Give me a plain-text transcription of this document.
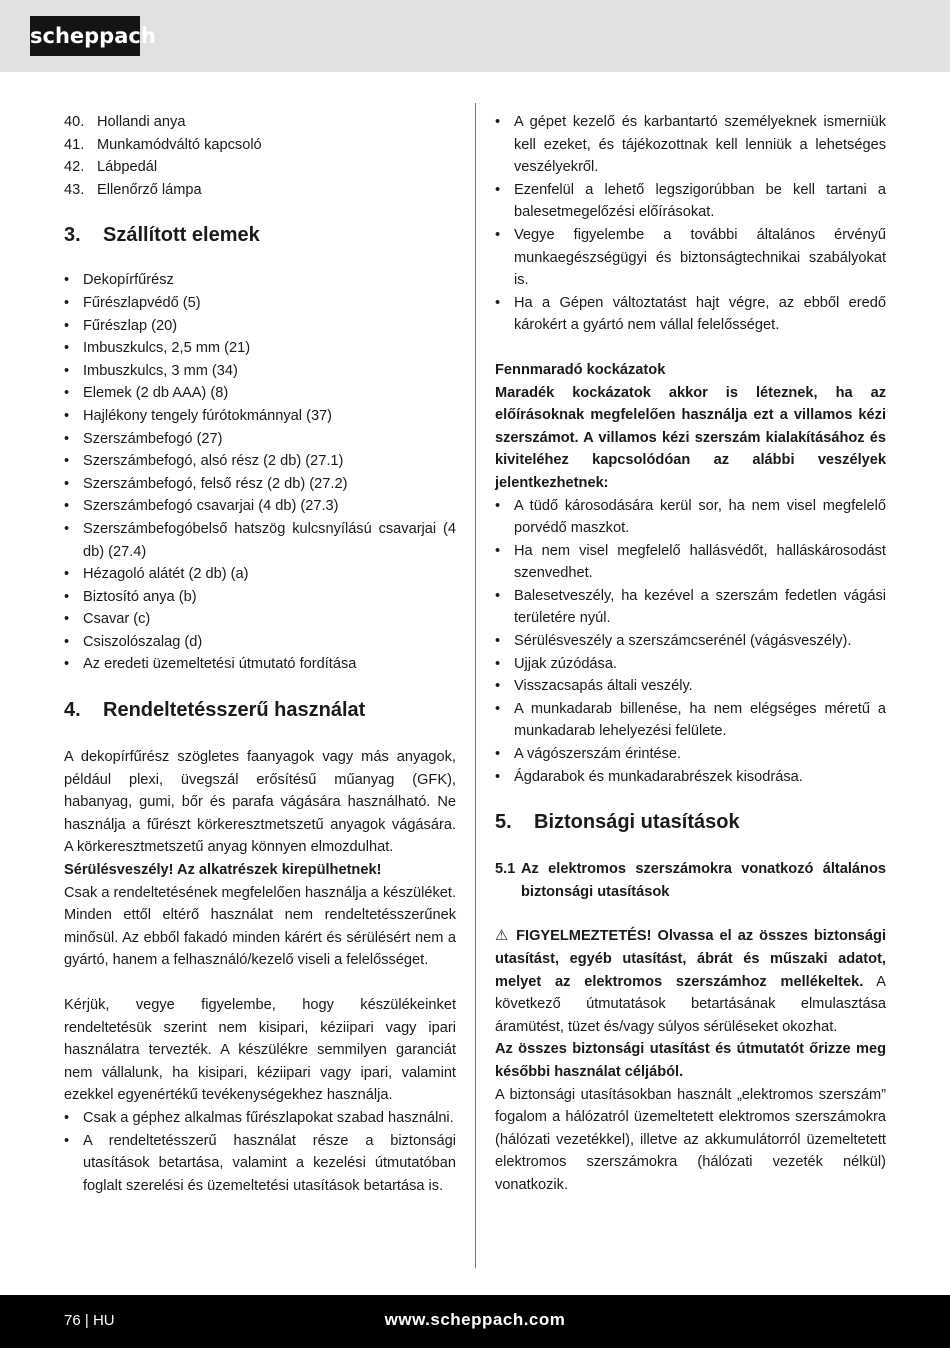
scheppach
40. Hollandi anya
41. Munkamódváltó kapcsoló
42. Lábpedál
43. Ellenőrző lámpa
3.	Szállított elemek
• Dekopírfűrész
• Fűrészlapvédő (5)
• Fűrészlap (20)
• Imbuszkulcs, 2,5 mm (21)
• Imbuszkulcs, 3 mm (34)
• Elemek (2 db AAA) (8)
• Hajlékony tengely fúrótokmánnyal (37)
• Szerszámbefogó (27)
• Szerszámbefogó, alsó rész (2 db) (27.1)
• Szerszámbefogó, felső rész (2 db) (27.2)
• Szerszámbefogó csavarjai (4 db) (27.3)
• Szerszámbefogóbelső hatszög kulcsnyílású csavarjai (4 db) (27.4)
• Hézagoló alátét (2 db) (a)
• Biztosító anya (b)
• Csavar (c)
• Csiszolószalag (d)
• Az eredeti üzemeltetési útmutató fordítása
4.	Rendeltetésszerű használat

A dekopírfűrész szögletes faanyagok vagy más anyagok, például plexi, üvegszál erősítésű műanyag (GFK), habanyag, gumi, bőr és parafa vágására használható. Ne használja a fűrészt körkeresztmetszetű anyagok vágására. A körkeresztmetszetű anyag könnyen elmozdulhat.

Sérülésveszély! Az alkatrészek kirepülhetnek!

Csak a rendeltetésének megfelelően használja a készüléket. Minden ettől eltérő használat nem rendeltetésszerűnek minősül. Az ebből fakadó minden kárért és sérülésért nem a gyártó, hanem a felhasználó/kezelő viseli a felelősséget.

Kérjük, vegye figyelembe, hogy készülékeinket rendeltetésük szerint nem kisipari, kéziipari vagy ipari használatra tervezték. A készülékre semmilyen garanciát nem vállalunk, ha kisipari, kéziipari vagy ipari, valamint ezekkel egyenértékű tevékenységekhez használja.

• Csak a géphez alkalmas fűrészlapokat szabad használni.
• A rendeltetésszerű használat része a biztonsági utasítások betartása, valamint a kezelési útmutatóban foglalt szerelési és üzemeltetési utasítások betartása is.
• A gépet kezelő és karbantartó személyeknek ismerniük kell ezeket, és tájékozottnak kell lenniük a lehetséges veszélyekről.
• Ezenfelül a lehető legszigorúbban be kell tartani a balesetmegelőzési előírásokat.
• Vegye figyelembe a további általános érvényű munkaegészségügyi és biztonságtechnikai szabályokat is.
• Ha a Gépen változtatást hajt végre, az ebből eredő károkért a gyártó nem vállal felelősséget.

Fennmaradó kockázatok

Maradék kockázatok akkor is léteznek, ha az előírásoknak megfelelően használja ezt a villamos kézi szerszámot. A villamos kézi szerszám kialakításához és kiviteléhez kapcsolódóan az alábbi veszélyek jelentkezhetnek:

• A tüdő károsodására kerül sor, ha nem visel megfelelő porvédő maszkot.
• Ha nem visel megfelelő hallásvédőt, halláskárosodást szenvedhet.
• Balesetveszély, ha kezével a szerszám fedetlen vágási területére nyúl.
• Sérülésveszély a szerszámcserénél (vágásveszély).
• Ujjak zúzódása.
• Visszacsapás általi veszély.
• A munkadarab billenése, ha nem elégséges méretű a munkadarab lehelyezési felülete.
• A vágószerszám érintése.
• Ágdarabok és munkadarabrészek kisodrása.
5.	Biztonsági utasítások
5.1 Az elektromos szerszámokra vonatkozó általános biztonsági utasítások

⚠ FIGYELMEZTETÉS! Olvassa el az összes biztonsági utasítást, egyéb utasítást, ábrát és műszaki adatot, melyet az elektromos szerszámhoz mellékeltek. A következő útmutatások betartásának elmulasztása áramütést, tüzet és/vagy súlyos sérüléseket okozhat.

Az összes biztonsági utasítást és útmutatót őrizze meg későbbi használat céljából.

A biztonsági utasításokban használt „elektromos szerszám” fogalom a hálózatról üzemeltetett elektromos szerszámokra (hálózati vezetékkel), illetve az akkumulátorról üzemeltetett elektromos szerszámokra (hálózati vezeték nélkül) vonatkozik.

76 | HU	www.scheppach.com
